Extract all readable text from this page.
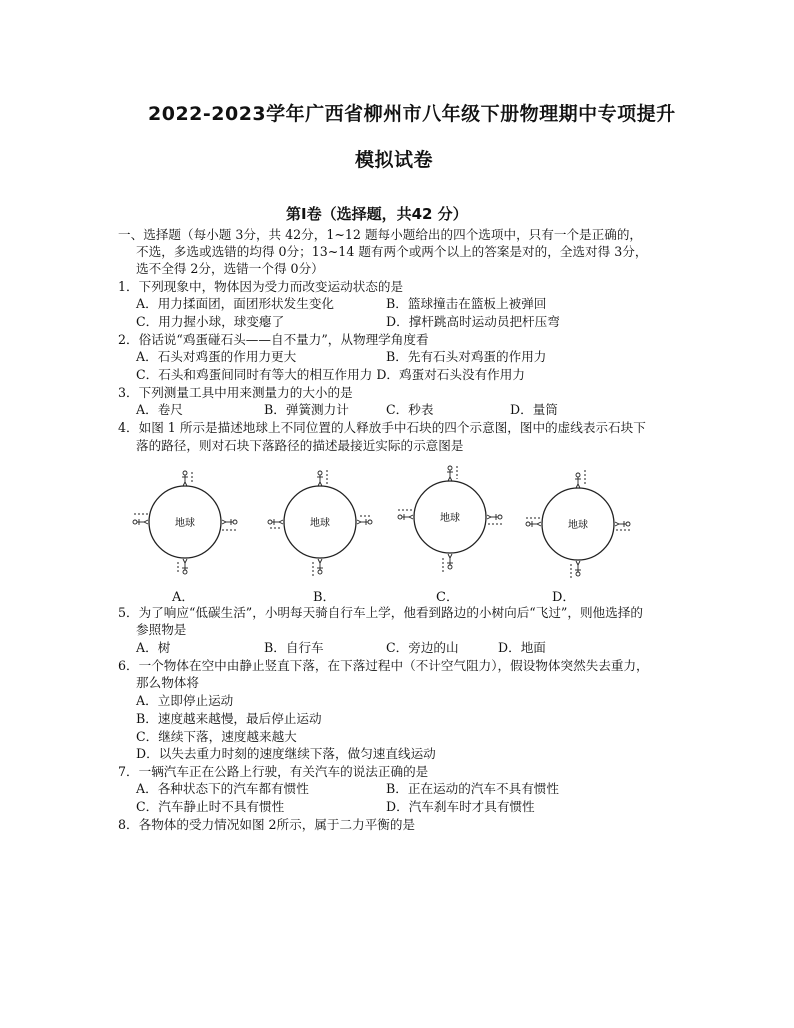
2022-2023学年广西省柳州市八年级下册物理期中专项提升
模拟试卷
第I卷（选择题，共42 分）
一、选择题（每小题 3分，共 42分，1~12 题每小题给出的四个选项中，只有一个是正确的，
不选，多选或选错的均得 0分；13~14 题有两个或两个以上的答案是对的，全选对得 3分，
选不全得 2分，选错一个得 0分）
1．下列现象中，物体因为受力而改变运动状态的是
A．用力揉面团，面团形状发生变化	B．篮球撞击在篮板上被弹回
C．用力握小球，球变瘪了	D．撑杆跳高时运动员把杆压弯
2．俗话说“鸡蛋碰石头——自不量力”，从物理学角度看
A．石头对鸡蛋的作用力更大	B．先有石头对鸡蛋的作用力
C．石头和鸡蛋间同时有等大的相互作用力 D．鸡蛋对石头没有作用力
3．下列测量工具中用来测量力的大小的是
A．卷尺	B．弹簧测力计	C．秒表	D．量筒
4．如图 1 所示是描述地球上不同位置的人释放手中石块的四个示意图，图中的虚线表示石块下
落的路径，则对石块下落路径的描述最接近实际的示意图是
地球	地球	地球
地球
A．	B．	C．	D．
5．为了响应“低碳生活”，小明每天骑自行车上学，他看到路边的小树向后“飞过”，则他选择的
参照物是
A．树	B．自行车	C．旁边的山	D．地面
6．一个物体在空中由静止竖直下落，在下落过程中（不计空气阻力），假设物体突然失去重力，
那么物体将
A．立即停止运动
B．速度越来越慢，最后停止运动
C．继续下落，速度越来越大
D．以失去重力时刻的速度继续下落，做匀速直线运动
7．一辆汽车正在公路上行驶，有关汽车的说法正确的是
A．各种状态下的汽车都有惯性	B．正在运动的汽车不具有惯性
C．汽车静止时不具有惯性	D．汽车刹车时才具有惯性
8．各物体的受力情况如图 2所示，属于二力平衡的是
